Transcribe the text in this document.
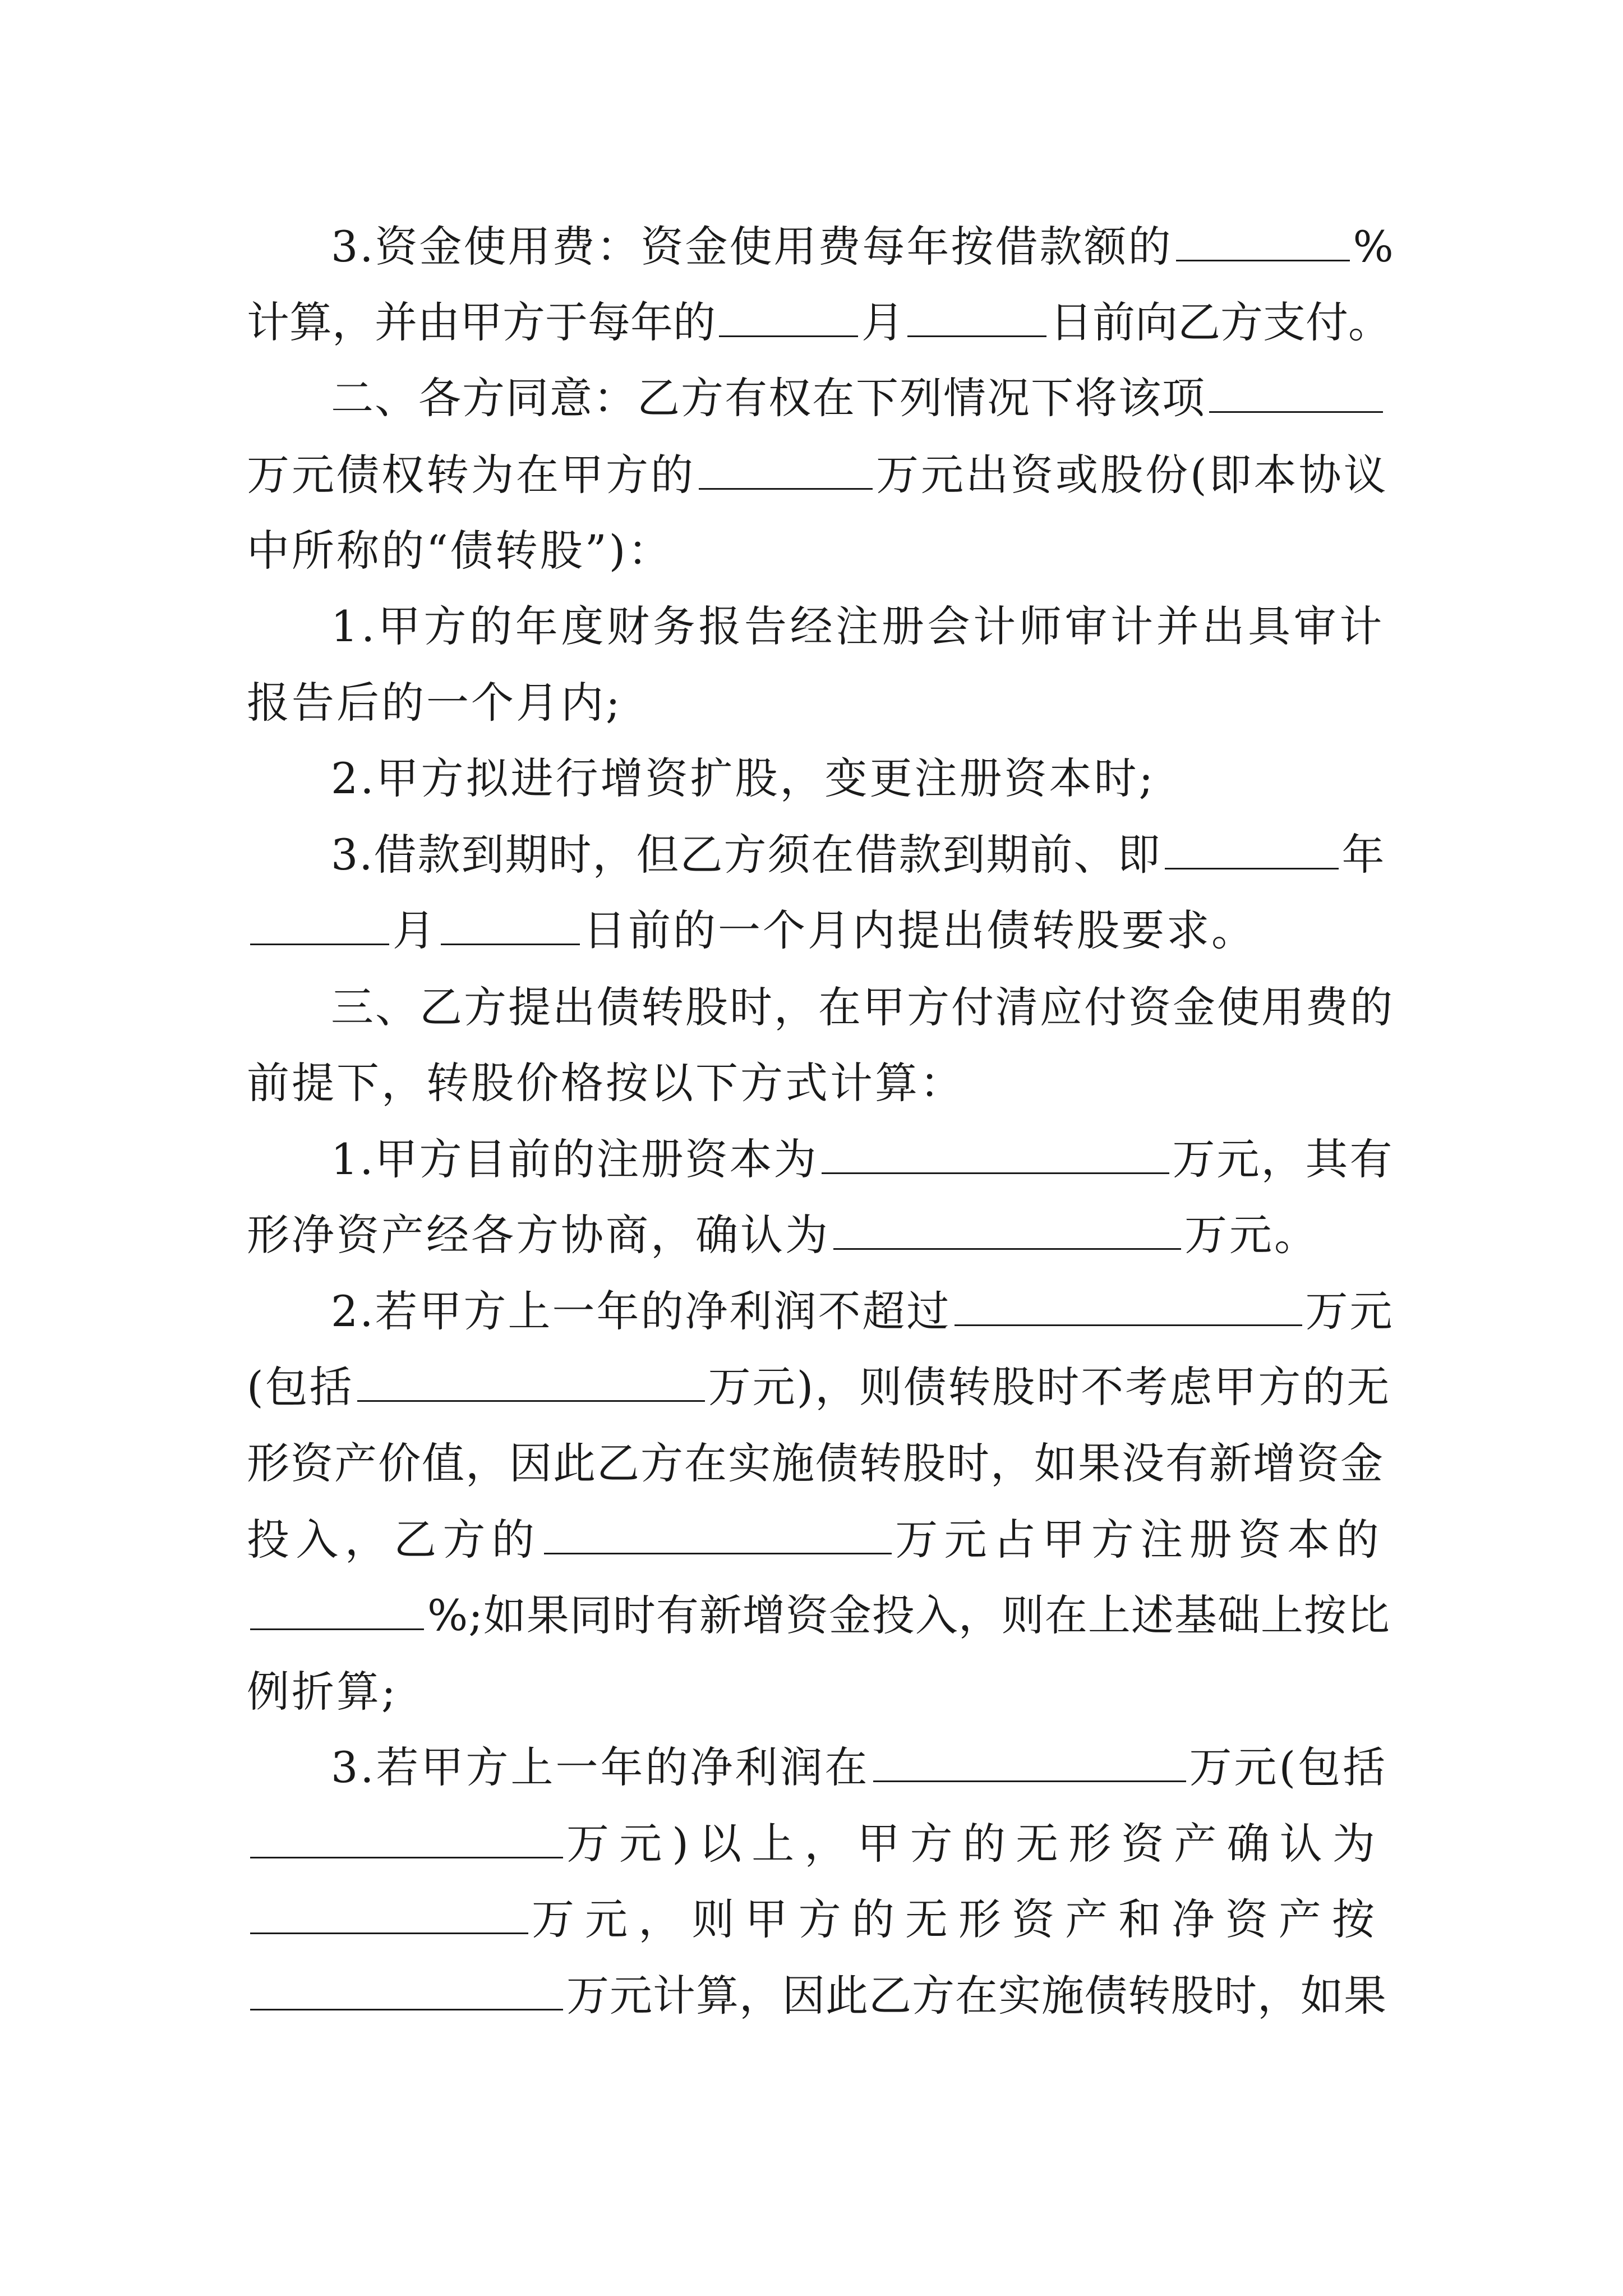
3.资金使用费：资金使用费每年按借款额的	%
计算，并由甲方于每年的	月	日前向乙方支付。
二、各方同意：乙方有权在下列情况下将该项
万元债权转为在甲方的	万元出资或股份(即本协议
中所称的“债转股”)：
1.甲方的年度财务报告经注册会计师审计并出具审计
报告后的一个月内;
2.甲方拟进行增资扩股，变更注册资本时;
3.借款到期时，但乙方须在借款到期前、即	年
月	日前的一个月内提出债转股要求。
三、乙方提出债转股时，在甲方付清应付资金使用费的
前提下，转股价格按以下方式计算：
1.甲方目前的注册资本为	万元，其有
形净资产经各方协商，确认为	万元。
2.若甲方上一年的净利润不超过	万元
(包括	万元)，则债转股时不考虑甲方的无
形资产价值，因此乙方在实施债转股时，如果没有新增资金
投入，乙方的	万元占甲方注册资本的
%;如果同时有新增资金投入，则在上述基础上按比
例折算;
3.若甲方上一年的净利润在	万元(包括
万元)以上，甲方的无形资产确认为
万元，则甲方的无形资产和净资产按
万元计算，因此乙方在实施债转股时，如果
